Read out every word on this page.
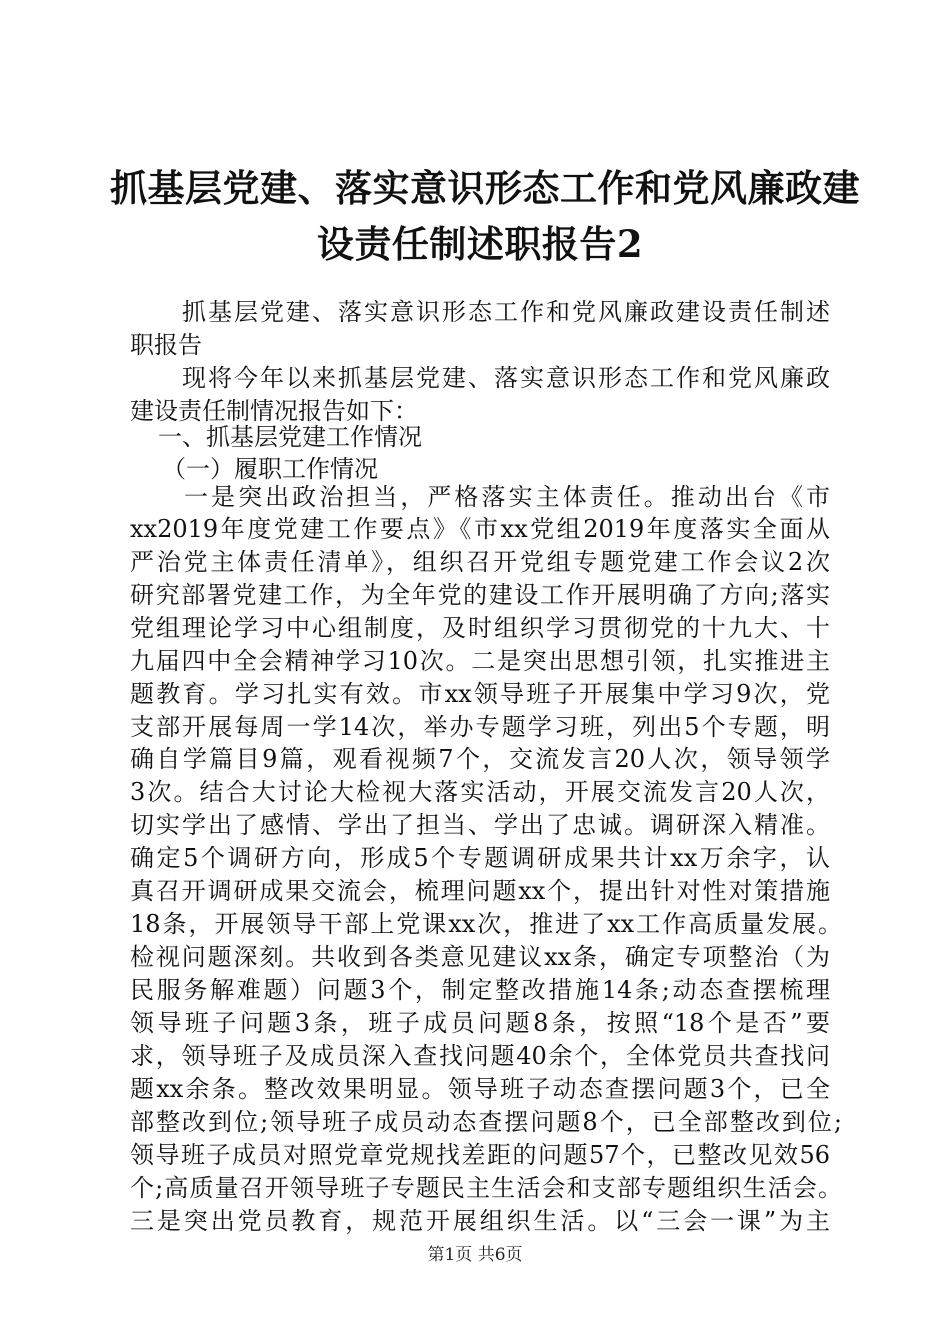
抓基层党建、落实意识形态工作和党风廉政建
设责任制述职报告2
抓基层党建、落实意识形态工作和党风廉政建设责任制述
职报告
现将今年以来抓基层党建、落实意识形态工作和党风廉政
建设责任制情况报告如下：
一、抓基层党建工作情况
（一）履职工作情况
一是突出政治担当，严格落实主体责任。推动出台《市
xx2019年度党建工作要点》《市xx党组2019年度落实全面从
严治党主体责任清单》，组织召开党组专题党建工作会议2次
研究部署党建工作，为全年党的建设工作开展明确了方向;落实
党组理论学习中心组制度，及时组织学习贯彻党的十九大、十
九届四中全会精神学习10次。二是突出思想引领，扎实推进主
题教育。学习扎实有效。市xx领导班子开展集中学习9次，党
支部开展每周一学14次，举办专题学习班，列出5个专题，明
确自学篇目9篇，观看视频7个，交流发言20人次，领导领学
3次。结合大讨论大检视大落实活动，开展交流发言20人次，
切实学出了感情、学出了担当、学出了忠诚。调研深入精准。
确定5个调研方向，形成5个专题调研成果共计xx万余字，认
真召开调研成果交流会，梳理问题xx个，提出针对性对策措施
18条，开展领导干部上党课xx次，推进了xx工作高质量发展。
检视问题深刻。共收到各类意见建议xx条，确定专项整治（为
民服务解难题）问题3个，制定整改措施14条;动态查摆梳理
领导班子问题3条，班子成员问题8条，按照“18个是否”要
求，领导班子及成员深入查找问题40余个，全体党员共查找问
题xx余条。整改效果明显。领导班子动态查摆问题3个，已全
部整改到位;领导班子成员动态查摆问题8个，已全部整改到位;
领导班子成员对照党章党规找差距的问题57个，已整改见效56
个;高质量召开领导班子专题民主生活会和支部专题组织生活会。
三是突出党员教育，规范开展组织生活。以“三会一课”为主
第1页 共6页
